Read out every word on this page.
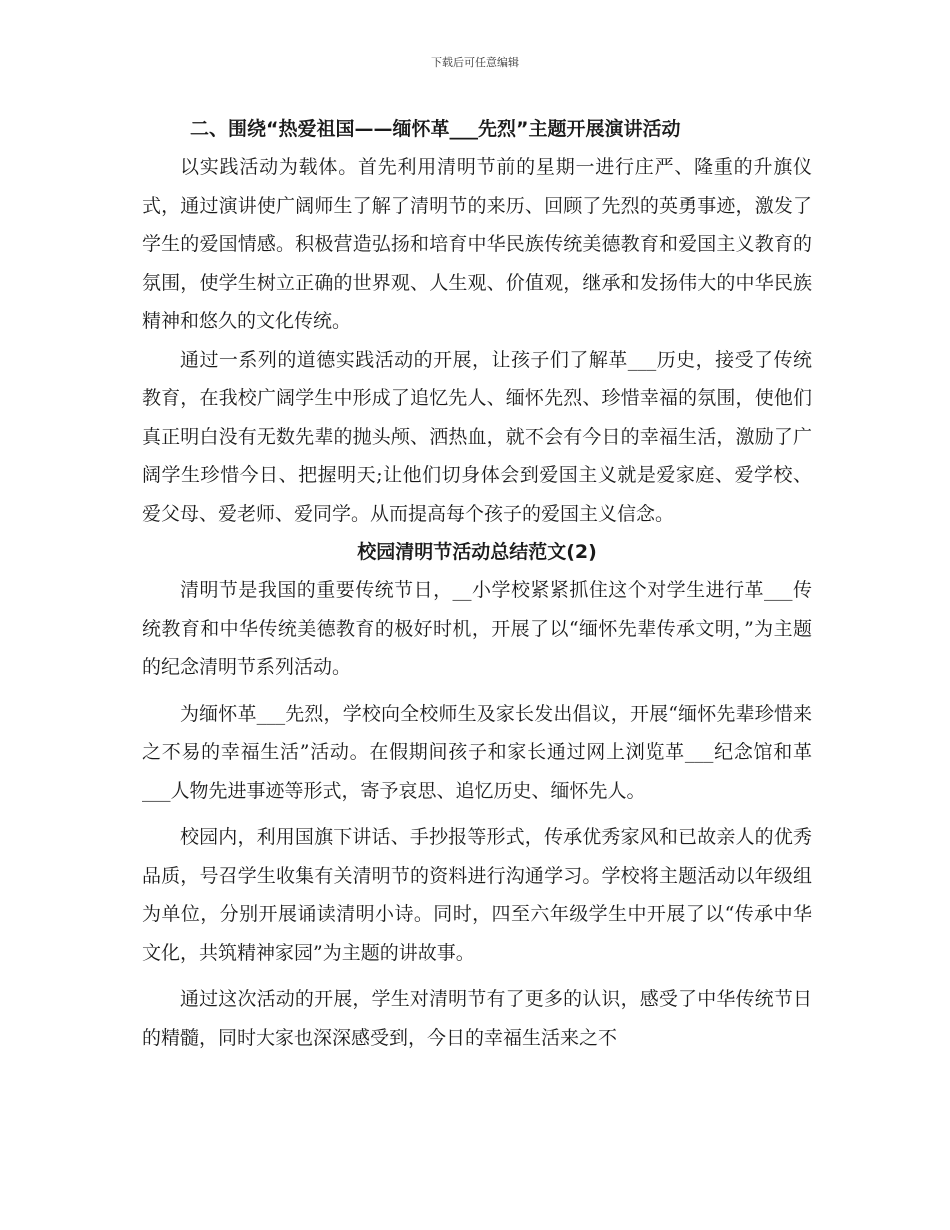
下载后可任意编辑
二、围绕“热爱祖国——缅怀革___先烈”主题开展演讲活动

以实践活动为载体。首先利用清明节前的星期一进行庄严、隆重的升旗仪式，通过演讲使广阔师生了解了清明节的来历、回顾了先烈的英勇事迹，激发了学生的爱国情感。积极营造弘扬和培育中华民族传统美德教育和爱国主义教育的氛围，使学生树立正确的世界观、人生观、价值观，继承和发扬伟大的中华民族精神和悠久的文化传统。

通过一系列的道德实践活动的开展，让孩子们了解革___历史，接受了传统教育，在我校广阔学生中形成了追忆先人、缅怀先烈、珍惜幸福的氛围，使他们真正明白没有无数先辈的抛头颅、洒热血，就不会有今日的幸福生活，激励了广阔学生珍惜今日、把握明天;让他们切身体会到爱国主义就是爱家庭、爱学校、爱父母、爱老师、爱同学。从而提高每个孩子的爱国主义信念。

校园清明节活动总结范文(2)

清明节是我国的重要传统节日，__小学校紧紧抓住这个对学生进行革___传统教育和中华传统美德教育的极好时机，开展了以“缅怀先辈传承文明，”为主题的纪念清明节系列活动。

为缅怀革___先烈，学校向全校师生及家长发出倡议，开展“缅怀先辈珍惜来之不易的幸福生活”活动。在假期间孩子和家长通过网上浏览革___纪念馆和革___人物先进事迹等形式，寄予哀思、追忆历史、缅怀先人。

校园内，利用国旗下讲话、手抄报等形式，传承优秀家风和已故亲人的优秀品质，号召学生收集有关清明节的资料进行沟通学习。学校将主题活动以年级组为单位，分别开展诵读清明小诗。同时，四至六年级学生中开展了以“传承中华文化，共筑精神家园”为主题的讲故事。

通过这次活动的开展，学生对清明节有了更多的认识，感受了中华传统节日的精髓，同时大家也深深感受到，今日的幸福生活来之不
